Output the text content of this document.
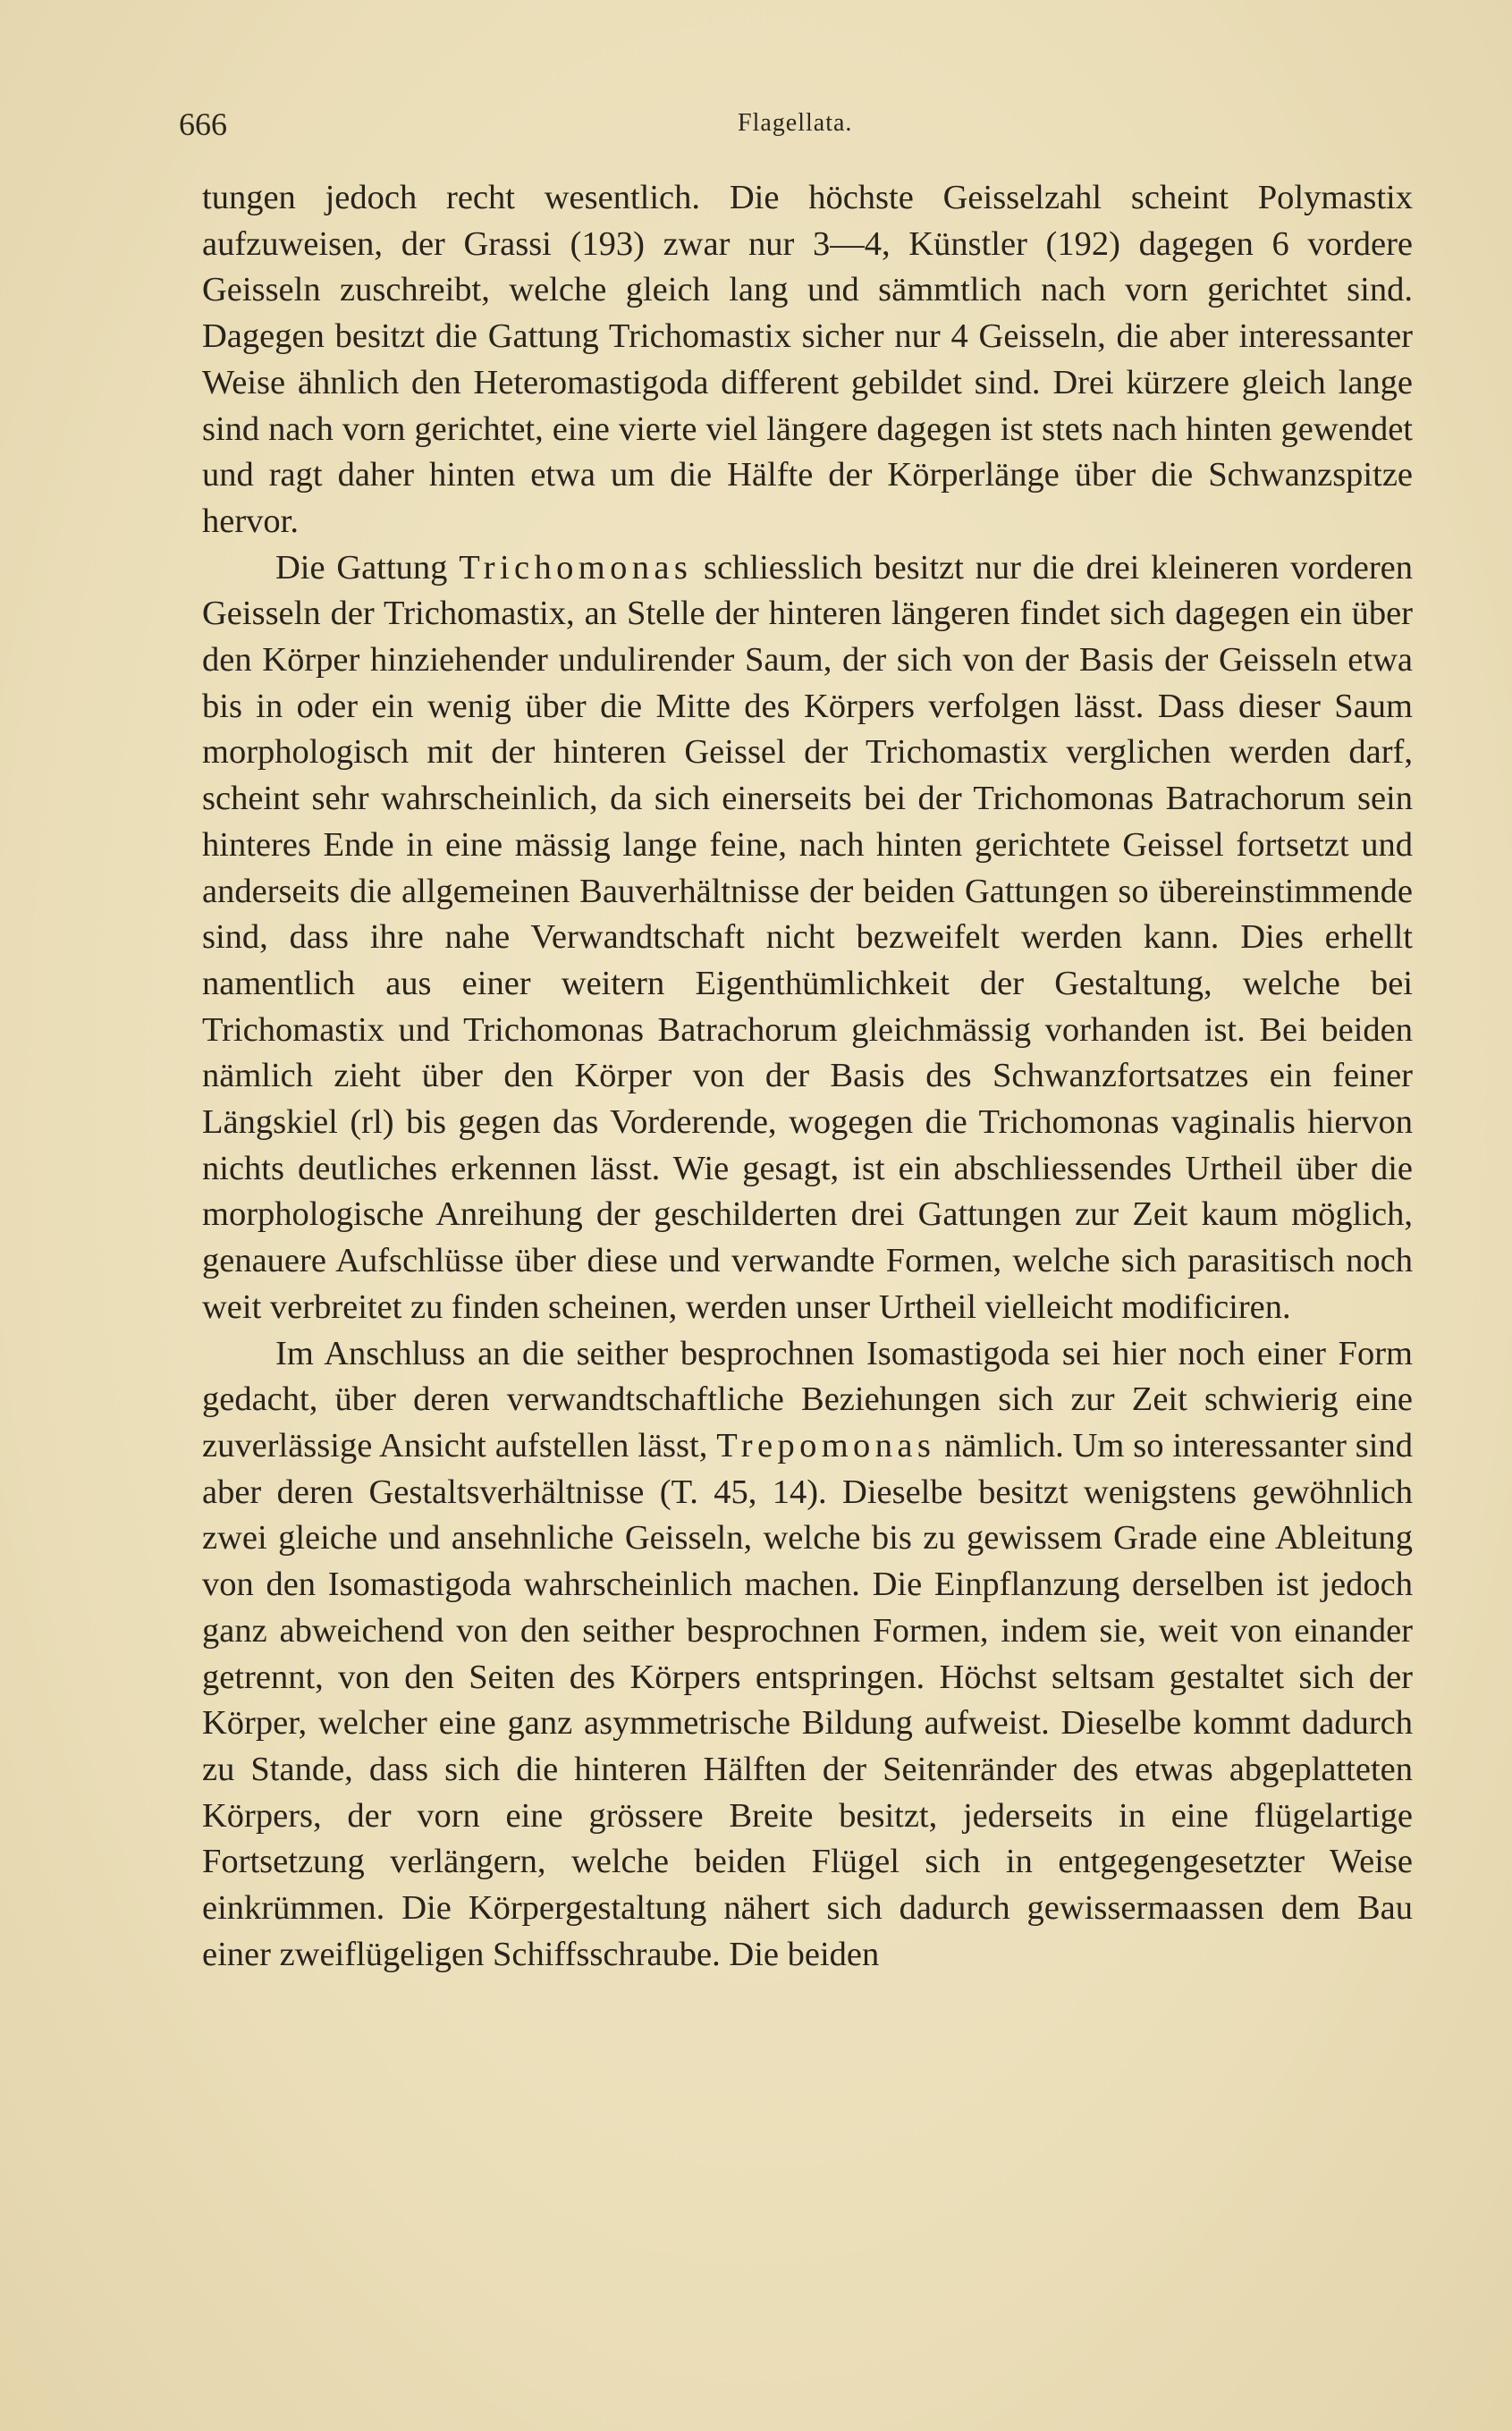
666	Flagellata.

tungen jedoch recht wesentlich. Die höchste Geisselzahl scheint Polymastix aufzuweisen, der Grassi (193) zwar nur 3—4, Künstler (192) dagegen 6 vordere Geisseln zuschreibt, welche gleich lang und sämmtlich nach vorn gerichtet sind. Dagegen besitzt die Gattung Trichomastix sicher nur 4 Geisseln, die aber interessanter Weise ähnlich den Heteromastigoda different gebildet sind. Drei kürzere gleich lange sind nach vorn gerichtet, eine vierte viel längere dagegen ist stets nach hinten gewendet und ragt daher hinten etwa um die Hälfte der Körperlänge über die Schwanzspitze hervor.

Die Gattung Trichomonas schliesslich besitzt nur die drei kleineren vorderen Geisseln der Trichomastix, an Stelle der hinteren längeren findet sich dagegen ein über den Körper hinziehender undulirender Saum, der sich von der Basis der Geisseln etwa bis in oder ein wenig über die Mitte des Körpers verfolgen lässt. Dass dieser Saum morphologisch mit der hinteren Geissel der Trichomastix verglichen werden darf, scheint sehr wahrscheinlich, da sich einerseits bei der Trichomonas Batrachorum sein hinteres Ende in eine mässig lange feine, nach hinten gerichtete Geissel fortsetzt und anderseits die allgemeinen Bauverhältnisse der beiden Gattungen so übereinstimmende sind, dass ihre nahe Verwandtschaft nicht bezweifelt werden kann. Dies erhellt namentlich aus einer weitern Eigenthümlichkeit der Gestaltung, welche bei Trichomastix und Trichomonas Batrachorum gleichmässig vorhanden ist. Bei beiden nämlich zieht über den Körper von der Basis des Schwanzfortsatzes ein feiner Längskiel (rl) bis gegen das Vorderende, wogegen die Trichomonas vaginalis hiervon nichts deutliches erkennen lässt. Wie gesagt, ist ein abschliessendes Urtheil über die morphologische Anreihung der geschilderten drei Gattungen zur Zeit kaum möglich, genauere Aufschlüsse über diese und verwandte Formen, welche sich parasitisch noch weit verbreitet zu finden scheinen, werden unser Urtheil vielleicht modificiren.

Im Anschluss an die seither besprochnen Isomastigoda sei hier noch einer Form gedacht, über deren verwandtschaftliche Beziehungen sich zur Zeit schwierig eine zuverlässige Ansicht aufstellen lässt, Trepomonas nämlich. Um so interessanter sind aber deren Gestaltsverhältnisse (T. 45, 14). Dieselbe besitzt wenigstens gewöhnlich zwei gleiche und ansehnliche Geisseln, welche bis zu gewissem Grade eine Ableitung von den Isomastigoda wahrscheinlich machen. Die Einpflanzung derselben ist jedoch ganz abweichend von den seither besprochnen Formen, indem sie, weit von einander getrennt, von den Seiten des Körpers entspringen. Höchst seltsam gestaltet sich der Körper, welcher eine ganz asymmetrische Bildung aufweist. Dieselbe kommt dadurch zu Stande, dass sich die hinteren Hälften der Seitenränder des etwas abgeplatteten Körpers, der vorn eine grössere Breite besitzt, jederseits in eine flügelartige Fortsetzung verlängern, welche beiden Flügel sich in entgegengesetzter Weise einkrümmen. Die Körpergestaltung nähert sich dadurch gewissermaassen dem Bau einer zweiflügeligen Schiffsschraube. Die beiden
